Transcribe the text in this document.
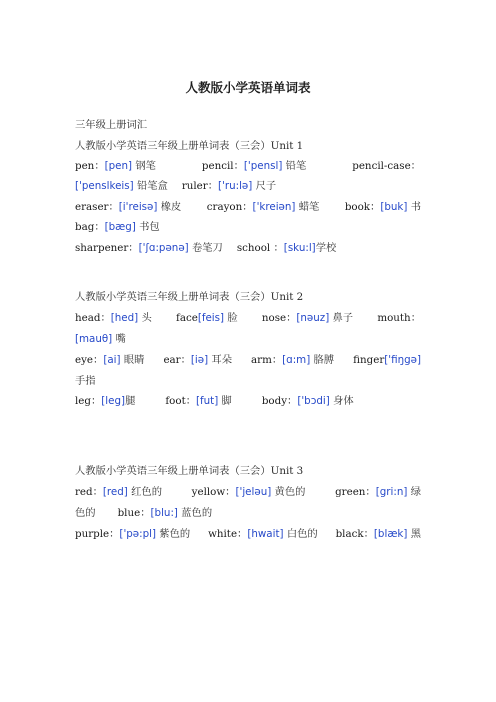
人教版小学英语单词表
三年级上册词汇
人教版小学英语三年级上册单词表（三会）Unit 1
pen：[pen] 钢笔	pencil：['pensl] 铅笔	pencil-case：
['penslkeis] 铅笔盒 ruler：['ru:lə] 尺子
eraser：[i'reisə] 橡皮 crayon：['kreiən] 蜡笔 book：[buk] 书
bag：[bæg] 书包
sharpener：['ʃɑ:pənə] 卷笔刀 school ：[sku:l]学校
人教版小学英语三年级上册单词表（三会）Unit 2
head：[hed] 头 face[feis] 脸 nose：[nəuz] 鼻子 mouth：
[mauθ] 嘴
eye：[ai] 眼睛 ear：[iə] 耳朵 arm：[ɑ:m] 胳膊 finger['fiŋgə]
手指
leg：[leg]腿	foot：[fut] 脚	body：['bɔdi] 身体
人教版小学英语三年级上册单词表（三会）Unit 3
red：[red] 红色的	yellow：['jeləu] 黄色的	green：[gri:n] 绿
色的 blue：[blu:] 蓝色的
purple：['pə:pl] 紫色的 white：[hwait] 白色的 black：[blæk] 黑
